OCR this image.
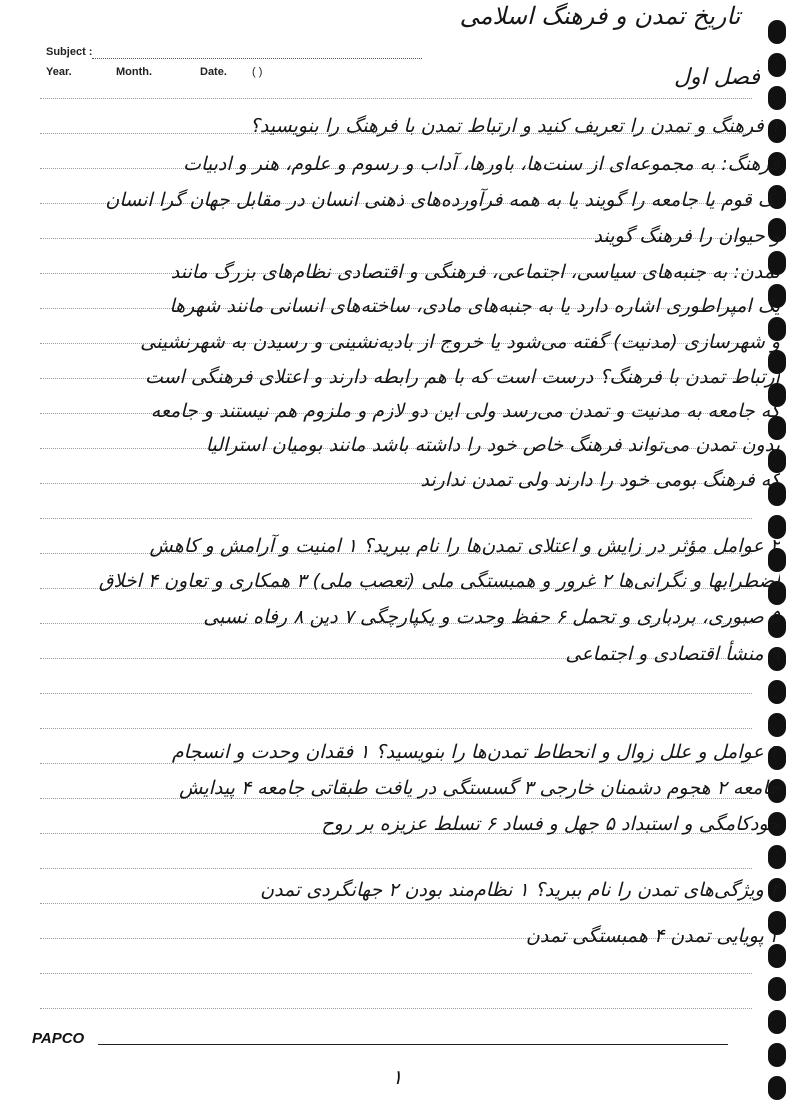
تاریخ تمدن و فرهنگ اسلامی
Subject :
Year.	Month.	Date. ( )	فصل اول
۱ فرهنگ و تمدن را تعریف کنید و ارتباط تمدن با فرهنگ را بنویسید؟
فرهنگ: به مجموعه‌ای از سنت‌ها، باورها، آداب و رسوم و علوم، هنر و ادبیات
یک قوم یا جامعه را گویند یا به همه فرآورده‌های ذهنی انسان در مقابل جهان گرا انسان
و حیوان را فرهنگ گویند
تمدن: به جنبه‌های سیاسی، اجتماعی، فرهنگی و اقتصادی نظام‌های بزرگ مانند
یک امپراطوری اشاره دارد یا به جنبه‌های مادی، ساخته‌های انسانی مانند شهرها
و شهرسازی (مدنیت) گفته می‌شود یا خروج از بادیه‌نشینی و رسیدن به شهرنشینی
ارتباط تمدن با فرهنگ؟ درست است که با هم رابطه دارند و اعتلای فرهنگی است
که جامعه به مدنیت و تمدن می‌رسد ولی این دو لازم و ملزوم هم نیستند و جامعه
بدون تمدن می‌تواند فرهنگ خاص خود را داشته باشد مانند بومیان استرالیا
که فرهنگ بومی خود را دارند ولی تمدن ندارند
۲ عوامل مؤثر در زایش و اعتلای تمدن‌ها را نام ببرید؟ ۱ امنیت و آرامش و کاهش
اضطرابها و نگرانی‌ها ۲ غرور و همبستگی ملی (تعصب ملی) ۳ همکاری و تعاون ۴ اخلاق
۵ صبوری، بردباری و تحمل ۶ حفظ وحدت و یکپارچگی ۷ دین ۸ رفاه نسبی
۹ منشأ اقتصادی و اجتماعی
۳ عوامل و علل زوال و انحطاط تمدن‌ها را بنویسید؟ ۱ فقدان وحدت و انسجام
جامعه ۲ هجوم دشمنان خارجی ۳ گسستگی در یافت طبقاتی جامعه ۴ پیدایش
خودکامگی و استبداد ۵ جهل و فساد ۶ تسلط عزیزه بر روح
۴ ویژگی‌های تمدن را نام ببرید؟ ۱ نظام‌مند بودن ۲ جهانگردی تمدن
۳ پویایی تمدن ۴ همبستگی تمدن
PAPCO
۱
